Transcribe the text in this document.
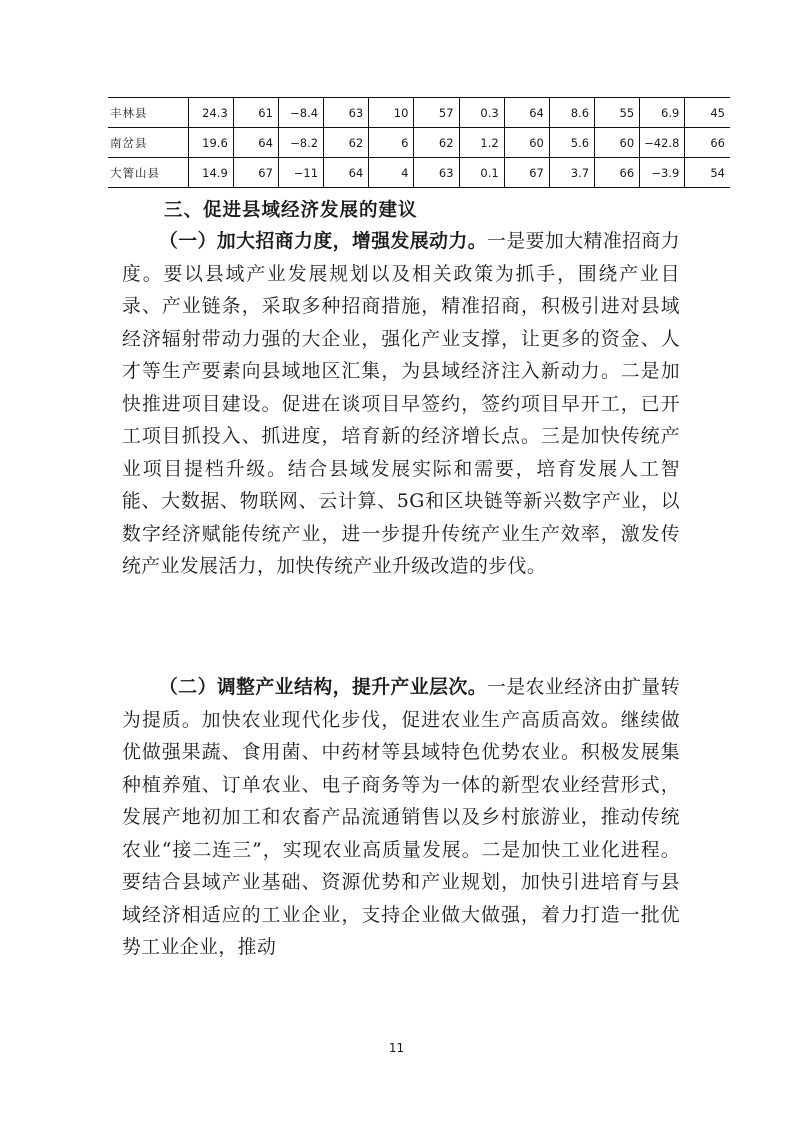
丰林县	24.3	61	−8.4	63	10	57	0.3	64	8.6	55	6.9	45
南岔县	19.6	64	−8.2	62	6	62	1.2	60	5.6	60	−42.8	66
大箐山县	14.9	67	−11	64	4	63	0.1	67	3.7	66	−3.9	54
三、促进县域经济发展的建议

（一）加大招商力度，增强发展动力。一是要加大精准招商力度。要以县域产业发展规划以及相关政策为抓手，围绕产业目录、产业链条，采取多种招商措施，精准招商，积极引进对县域经济辐射带动力强的大企业，强化产业支撑，让更多的资金、人才等生产要素向县域地区汇集，为县域经济注入新动力。二是加快推进项目建设。促进在谈项目早签约，签约项目早开工，已开工项目抓投入、抓进度，培育新的经济增长点。三是加快传统产业项目提档升级。结合县域发展实际和需要，培育发展人工智能、大数据、物联网、云计算、5G和区块链等新兴数字产业，以数字经济赋能传统产业，进一步提升传统产业生产效率，激发传统产业发展活力，加快传统产业升级改造的步伐。

（二）调整产业结构，提升产业层次。一是农业经济由扩量转为提质。加快农业现代化步伐，促进农业生产高质高效。继续做优做强果蔬、食用菌、中药材等县域特色优势农业。积极发展集种植养殖、订单农业、电子商务等为一体的新型农业经营形式，发展产地初加工和农畜产品流通销售以及乡村旅游业，推动传统农业“接二连三”，实现农业高质量发展。二是加快工业化进程。要结合县域产业基础、资源优势和产业规划，加快引进培育与县域经济相适应的工业企业，支持企业做大做强，着力打造一批优势工业企业，推动

11
